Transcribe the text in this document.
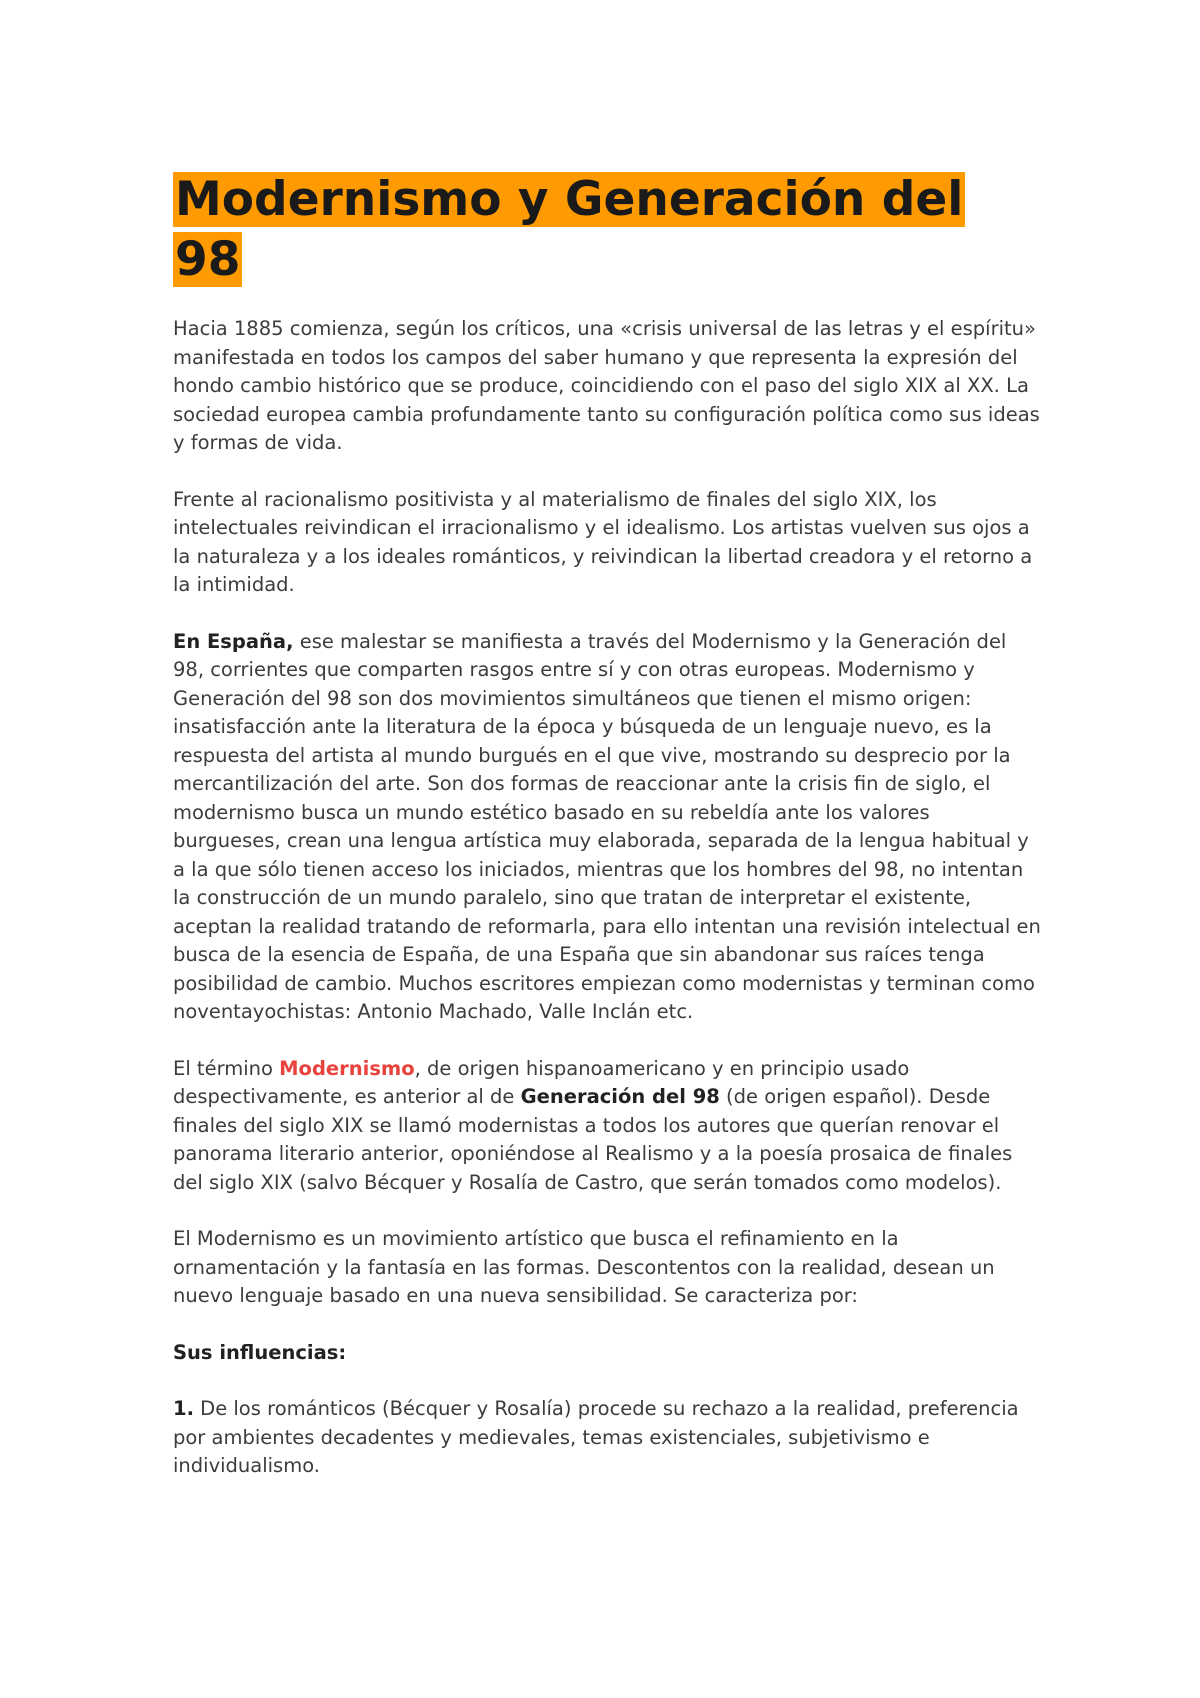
Modernismo y Generación del 98

Hacia 1885 comienza, según los críticos, una «crisis universal de las letras y el espíritu» manifestada en todos los campos del saber humano y que representa la expresión del hondo cambio histórico que se produce, coincidiendo con el paso del siglo XIX al XX. La sociedad europea cambia profundamente tanto su configuración política como sus ideas y formas de vida.

Frente al racionalismo positivista y al materialismo de finales del siglo XIX, los intelectuales reivindican el irracionalismo y el idealismo. Los artistas vuelven sus ojos a la naturaleza y a los ideales románticos, y reivindican la libertad creadora y el retorno a la intimidad.

En España, ese malestar se manifiesta a través del Modernismo y la Generación del 98, corrientes que comparten rasgos entre sí y con otras europeas. Modernismo y Generación del 98 son dos movimientos simultáneos que tienen el mismo origen: insatisfacción ante la literatura de la época y búsqueda de un lenguaje nuevo, es la respuesta del artista al mundo burgués en el que vive, mostrando su desprecio por la mercantilización del arte. Son dos formas de reaccionar ante la crisis fin de siglo, el modernismo busca un mundo estético basado en su rebeldía ante los valores burgueses, crean una lengua artística muy elaborada, separada de la lengua habitual y a la que sólo tienen acceso los iniciados, mientras que los hombres del 98, no intentan la construcción de un mundo paralelo, sino que tratan de interpretar el existente, aceptan la realidad tratando de reformarla, para ello intentan una revisión intelectual en busca de la esencia de España, de una España que sin abandonar sus raíces tenga posibilidad de cambio. Muchos escritores empiezan como modernistas y terminan como noventayochistas: Antonio Machado, Valle Inclán etc.

El término Modernismo, de origen hispanoamericano y en principio usado despectivamente, es anterior al de Generación del 98 (de origen español). Desde finales del siglo XIX se llamó modernistas a todos los autores que querían renovar el panorama literario anterior, oponiéndose al Realismo y a la poesía prosaica de finales del siglo XIX (salvo Bécquer y Rosalía de Castro, que serán tomados como modelos).

El Modernismo es un movimiento artístico que busca el refinamiento en la ornamentación y la fantasía en las formas. Descontentos con la realidad, desean un nuevo lenguaje basado en una nueva sensibilidad. Se caracteriza por:

Sus influencias:

1. De los románticos (Bécquer y Rosalía) procede su rechazo a la realidad, preferencia por ambientes decadentes y medievales, temas existenciales, subjetivismo e individualismo.
